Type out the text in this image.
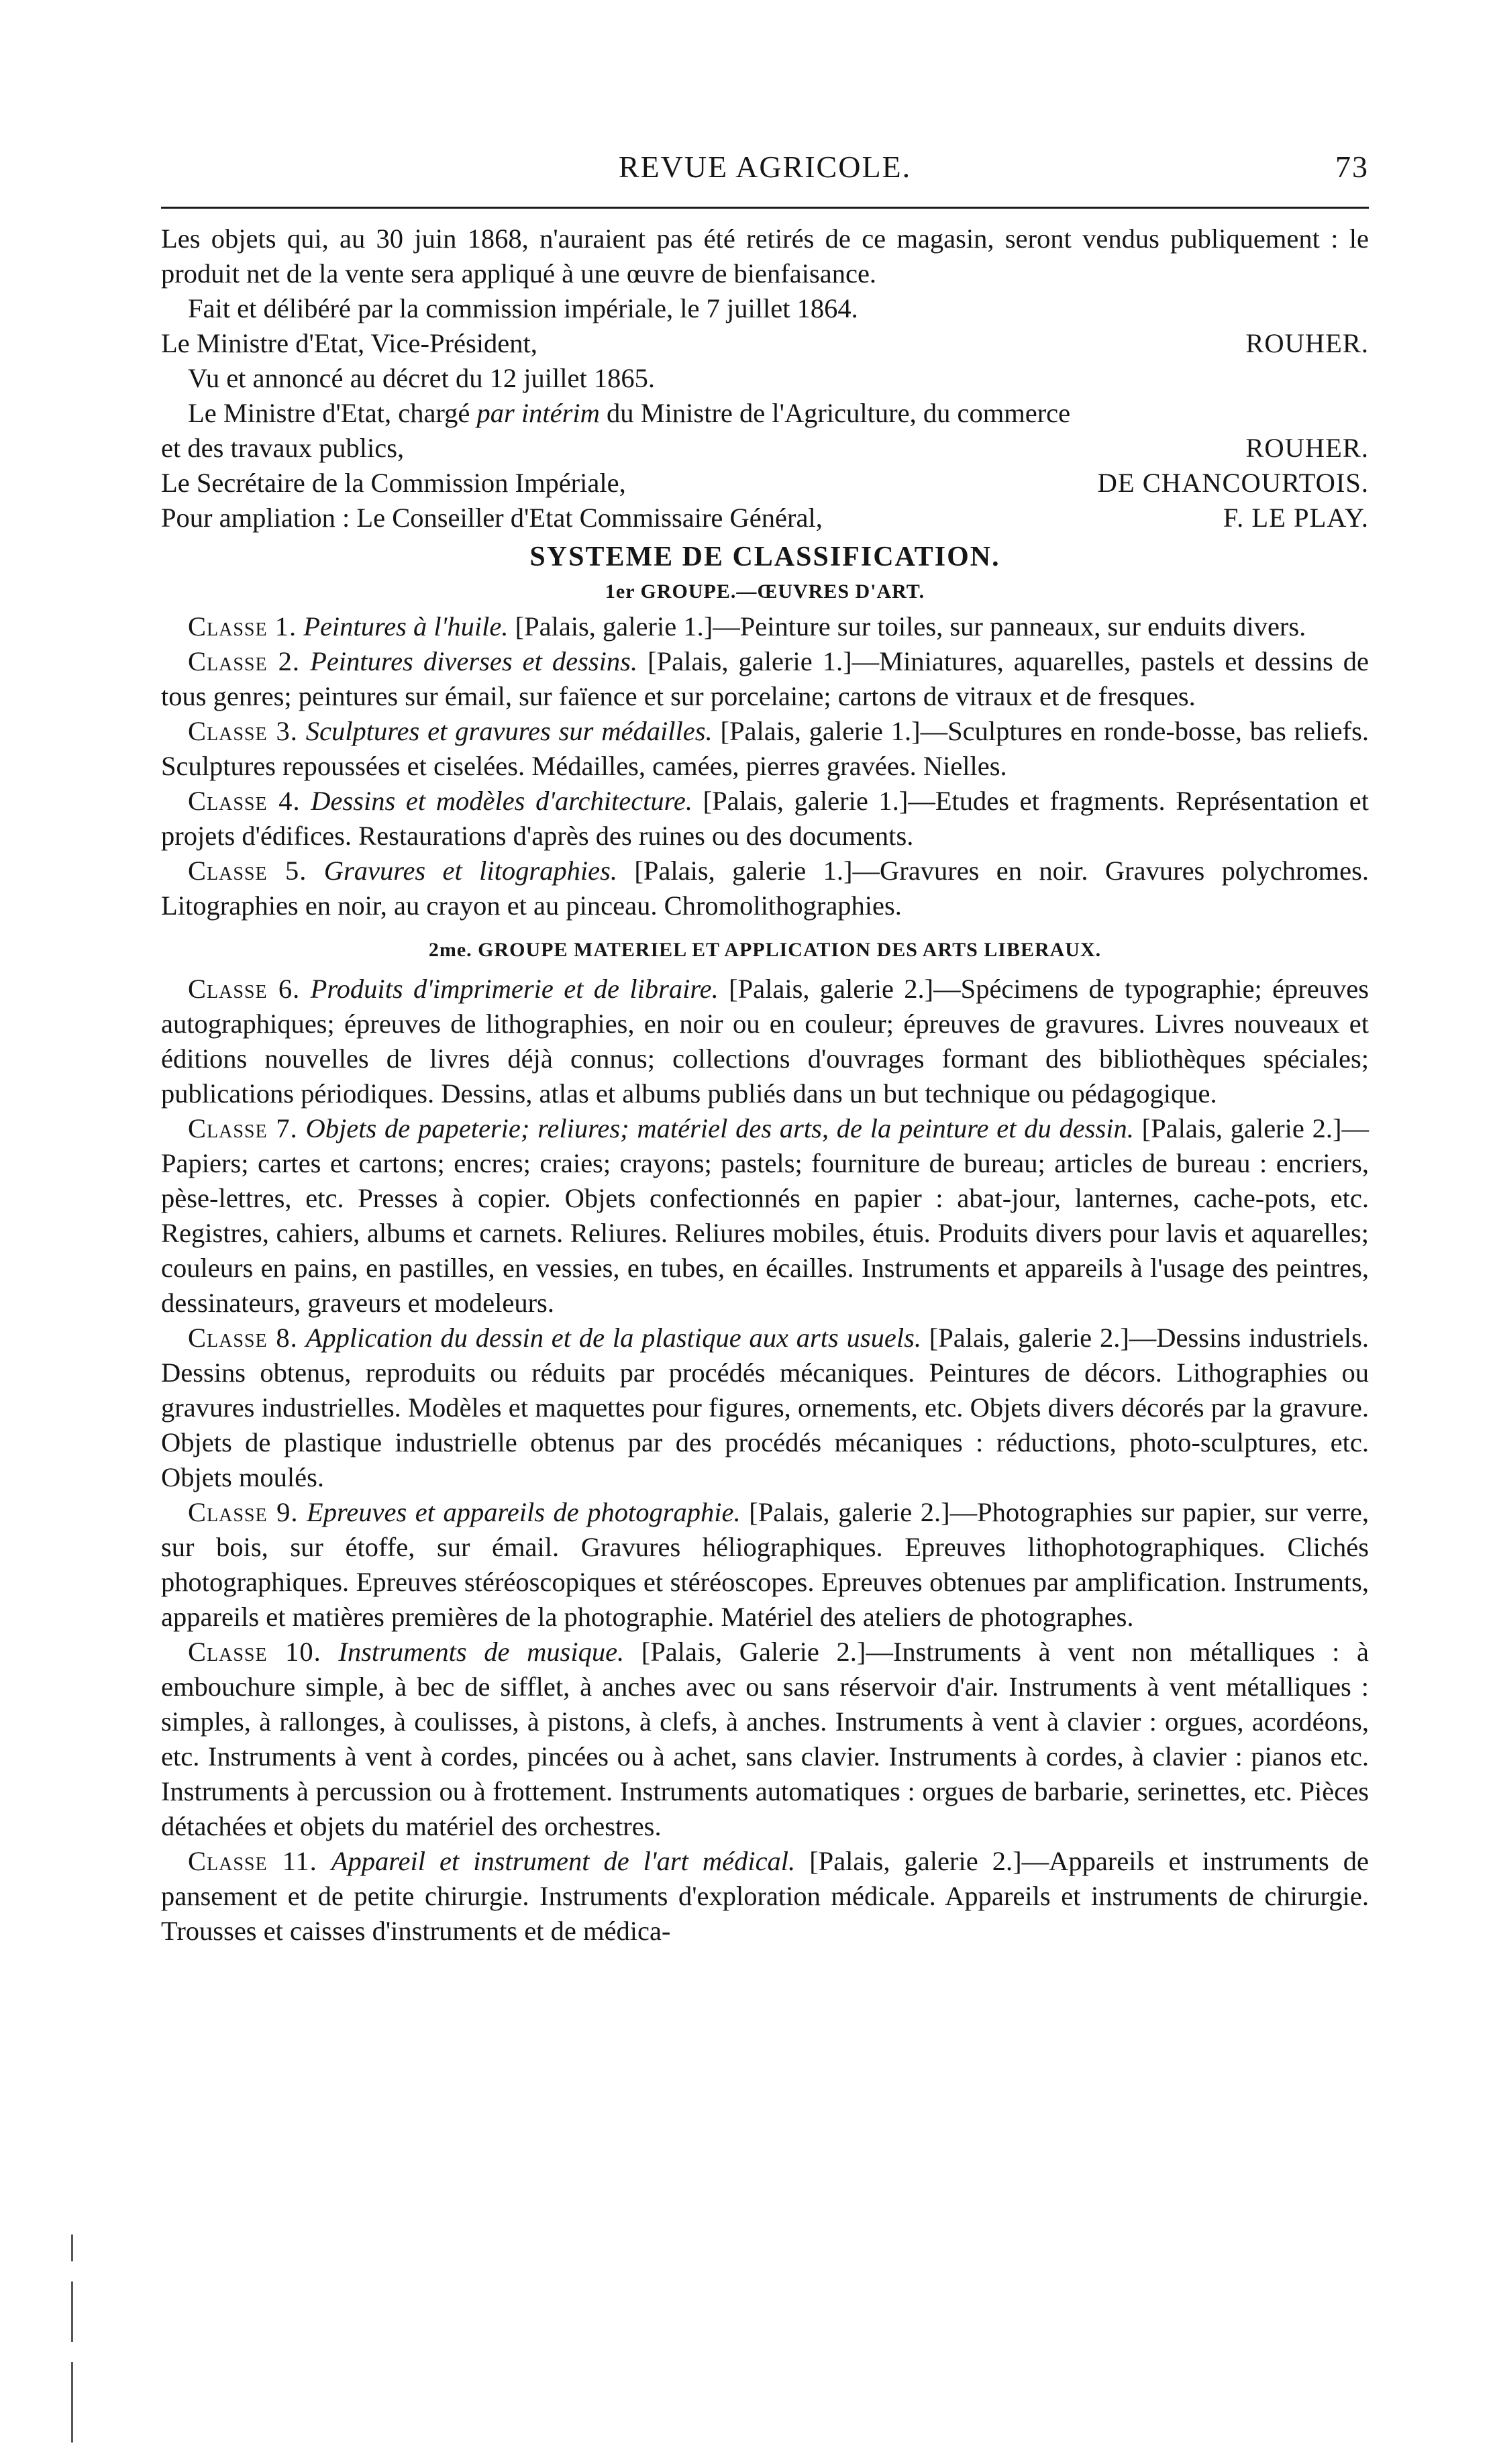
REVUE AGRICOLE.	73

Les objets qui, au 30 juin 1868, n'auraient pas été retirés de ce magasin, seront vendus publiquement : le produit net de la vente sera appliqué à une œuvre de bienfaisance.

Fait et délibéré par la commission impériale, le 7 juillet 1864.

Le Ministre d'Etat, Vice-Président,	ROUHER.

Vu et annoncé au décret du 12 juillet 1865.

Le Ministre d'Etat, chargé par intérim du Ministre de l'Agriculture, du commerce

et des travaux publics,	ROUHER.

Le Secrétaire de la Commission Impériale,	DE CHANCOURTOIS.

Pour ampliation : Le Conseiller d'Etat Commissaire Général,	F. LE PLAY.

SYSTEME DE CLASSIFICATION.

1er GROUPE.—ŒUVRES D'ART.

Classe 1. Peintures à l'huile. [Palais, galerie 1.]—Peinture sur toiles, sur panneaux, sur enduits divers.

Classe 2. Peintures diverses et dessins. [Palais, galerie 1.]—Miniatures, aquarelles, pastels et dessins de tous genres; peintures sur émail, sur faïence et sur porcelaine; cartons de vitraux et de fresques.

Classe 3. Sculptures et gravures sur médailles. [Palais, galerie 1.]—Sculptures en ronde-bosse, bas reliefs. Sculptures repoussées et ciselées. Médailles, camées, pierres gravées. Nielles.

Classe 4. Dessins et modèles d'architecture. [Palais, galerie 1.]—Etudes et fragments. Représentation et projets d'édifices. Restaurations d'après des ruines ou des documents.

Classe 5. Gravures et litographies. [Palais, galerie 1.]—Gravures en noir. Gravures polychromes. Litographies en noir, au crayon et au pinceau. Chromolithographies.

2me. GROUPE MATERIEL ET APPLICATION DES ARTS LIBERAUX.

Classe 6. Produits d'imprimerie et de libraire. [Palais, galerie 2.]—Spécimens de typographie; épreuves autographiques; épreuves de lithographies, en noir ou en couleur; épreuves de gravures. Livres nouveaux et éditions nouvelles de livres déjà connus; collections d'ouvrages formant des bibliothèques spéciales; publications périodiques. Dessins, atlas et albums publiés dans un but technique ou pédagogique.

Classe 7. Objets de papeterie; reliures; matériel des arts, de la peinture et du dessin. [Palais, galerie 2.]—Papiers; cartes et cartons; encres; craies; crayons; pastels; fourniture de bureau; articles de bureau : encriers, pèse-lettres, etc. Presses à copier. Objets confectionnés en papier : abat-jour, lanternes, cache-pots, etc. Registres, cahiers, albums et carnets. Reliures. Reliures mobiles, étuis. Produits divers pour lavis et aquarelles; couleurs en pains, en pastilles, en vessies, en tubes, en écailles. Instruments et appareils à l'usage des peintres, dessinateurs, graveurs et modeleurs.

Classe 8. Application du dessin et de la plastique aux arts usuels. [Palais, galerie 2.]—Dessins industriels. Dessins obtenus, reproduits ou réduits par procédés mécaniques. Peintures de décors. Lithographies ou gravures industrielles. Modèles et maquettes pour figures, ornements, etc. Objets divers décorés par la gravure. Objets de plastique industrielle obtenus par des procédés mécaniques : réductions, photo-sculptures, etc. Objets moulés.

Classe 9. Epreuves et appareils de photographie. [Palais, galerie 2.]—Photographies sur papier, sur verre, sur bois, sur étoffe, sur émail. Gravures héliographiques. Epreuves lithophotographiques. Clichés photographiques. Epreuves stéréoscopiques et stéréoscopes. Epreuves obtenues par amplification. Instruments, appareils et matières premières de la photographie. Matériel des ateliers de photographes.

Classe 10. Instruments de musique. [Palais, Galerie 2.]—Instruments à vent non métalliques : à embouchure simple, à bec de sifflet, à anches avec ou sans réservoir d'air. Instruments à vent métalliques : simples, à rallonges, à coulisses, à pistons, à clefs, à anches. Instruments à vent à clavier : orgues, acordéons, etc. Instruments à vent à cordes, pincées ou à achet, sans clavier. Instruments à cordes, à clavier : pianos etc. Instruments à percussion ou à frottement. Instruments automatiques : orgues de barbarie, serinettes, etc. Pièces détachées et objets du matériel des orchestres.

Classe 11. Appareil et instrument de l'art médical. [Palais, galerie 2.]—Appareils et instruments de pansement et de petite chirurgie. Instruments d'exploration médicale. Appareils et instruments de chirurgie. Trousses et caisses d'instruments et de médica-
